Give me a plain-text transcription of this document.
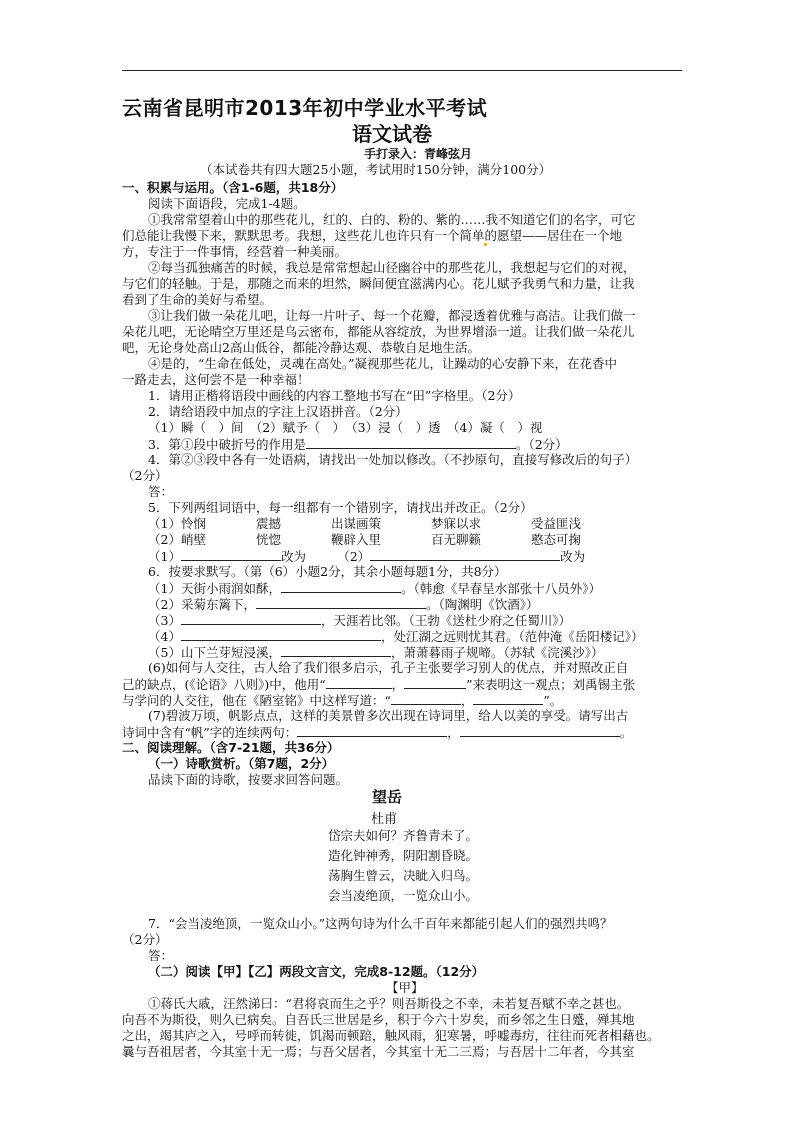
云南省昆明市2013年初中学业水平考试
语文试卷
手打录入：青峰弦月
（本试卷共有四大题25小题，考试用时150分钟，满分100分）
一、积累与运用。（含1-6题，共18分）
阅读下面语段，完成1-4题。
①我常常望着山中的那些花儿，红的、白的、粉的、紫的……我不知道它们的名字，可它
们总能让我慢下来，默默思考。我想，这些花儿也许只有一个简单的愿望——居住在一个地
方，专注于一件事情，经营着一种美丽。
②每当孤独痛苦的时候，我总是常常想起山径幽谷中的那些花儿，我想起与它们的对视，
与它们的轻触。于是，那随之而来的坦然，瞬间便宜滋满内心。花儿赋予我勇气和力量，让我
看到了生命的美好与希望。
③让我们做一朵花儿吧，让每一片叶子、每一个花瓣，都浸透着优雅与高洁。让我们做一
朵花儿吧，无论晴空万里还是乌云密布，都能从容绽放，为世界增添一道。让我们做一朵花儿
吧，无论身处高山2高山低谷，都能冷静达观、恭敬自足地生活。
④是的，“生命在低处，灵魂在高处。”凝视那些花儿，让躁动的心安静下来，在花香中
一路走去，这何尝不是一种幸福！
1．请用正楷将语段中画线的内容工整地书写在“田”字格里。（2分）
2．请给语段中加点的字注上汉语拼音。（2分）
（1）瞬（　）间　（2）赋予（　）　（3）浸（　）透　（4）凝（　）视
3．第①段中破折号的作用是	。（2分）
4．第②③段中各有一处语病，请找出一处加以修改。（不抄原句，直接写修改后的句子）
（2分）
答：
5．下列两组词语中，每一组都有一个错别字，请找出并改正。（2分）
（1）怜悯　　　　震撼　　　　出谋画策　　　　梦寐以求　　　　受益匪浅
（2）峭壁　　　　恍惚　　　　鞭辟入里　　　　百无聊籁　　　　憨态可掬
（1）	改为　　　（2）	改为
6．按要求默写。（第（6）小题2分，其余小题每题1分，共8分）
（1）天街小雨润如酥，	。（韩愈《早春呈水部张十八员外》）
（2）采菊东篱下，	。（陶渊明《饮酒》）
（3）	，天涯若比邻。（王勃《送杜少府之任蜀川》）
（4）	，处江湖之远则忧其君。（范仲淹《岳阳楼记》）
（5）山下兰芽短浸溪，	，萧萧暮雨子规啼。（苏轼《浣溪沙》）
(6)如何与人交往，古人给了我们很多启示，孔子主张要学习别人的优点，并对照改正自
己的缺点，(《论语》八则》)中，他用“	，	”来表明这一观点；刘禹锡主张
与学问的人交往，他在《陋室铭》中这样写道：“	，	”。
(7)碧波万顷，帆影点点，这样的美景曾多次出现在诗词里，给人以美的享受。请写出古
诗词中含有“帆”字的连续两句：	，	。
二、阅读理解。（含7-21题，共36分）
（一）诗歌赏析。（第7题，2分）
品读下面的诗歌，按要求回答问题。
7．“会当凌绝顶，一览众山小。”这两句诗为什么千百年来都能引起人们的强烈共鸣？
（2分）
答：
（二）阅读【甲】【乙】两段文言文，完成8-12题。（12分）
【甲】
①蒋氏大戚，汪然涕曰：“君将哀而生之乎？则吾斯役之不幸，未若复吾赋不幸之甚也。
向吾不为斯役，则久已病矣。自吾氏三世居是乡，积于今六十岁矣，而乡邻之生日蹙，殚其地
之出，竭其庐之入，号呼而转徙，饥渴而顿踣，触风雨，犯寒暑，呼嘘毒疠，往往而死者相藉也。
曩与吾祖居者，今其室十无一焉；与吾父居者，今其室十无二三焉；与吾居十二年者，今其室
望岳
杜甫
岱宗夫如何？齐鲁青未了。
造化钟神秀，阴阳割昏晓。
荡胸生曾云，决眦入归鸟。
会当凌绝顶，一览众山小。
